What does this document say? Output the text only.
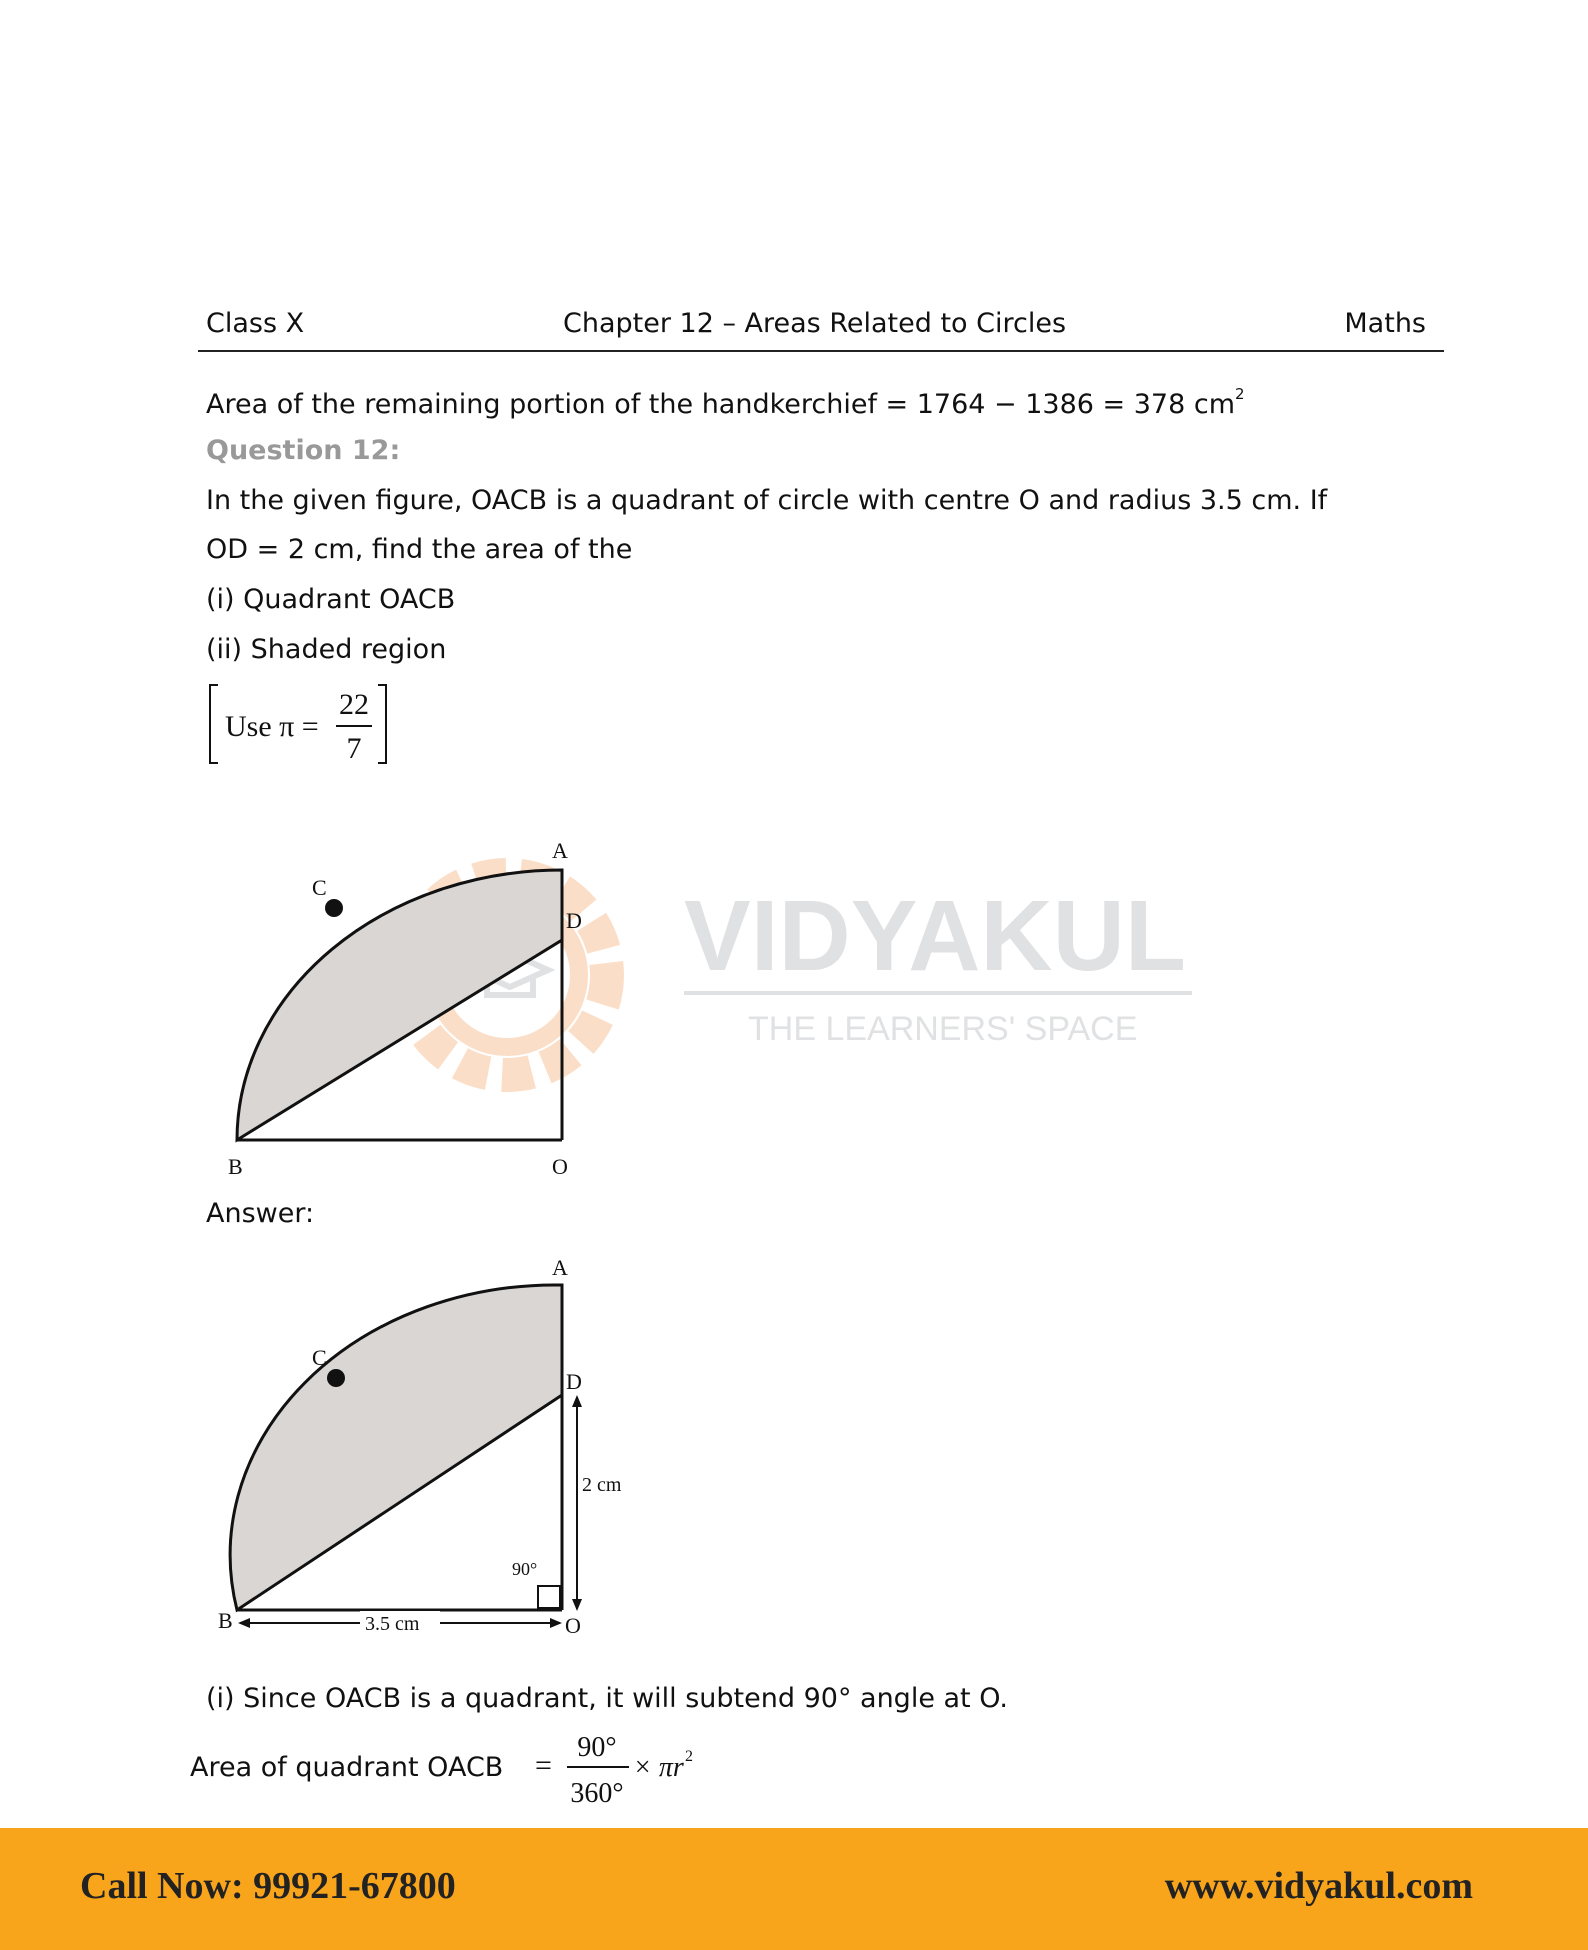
Class X	Chapter 12 – Areas Related to Circles	Maths
Area of the remaining portion of the handkerchief = 1764 − 1386 = 378 $cm^2$
Question 12:
In the given figure, OACB is a quadrant of circle with centre O and radius 3.5 cm. If
OD = 2 cm, find the area of the
(i) Quadrant OACB
(ii) Shaded region
Use π =
22
7
VIDYAKUL
THE LEARNERS' SPACE
A
C
D
B	O
Answer:
A
C
D
2 cm
90°
B	O
3.5 cm
(i) Since OACB is a quadrant, it will subtend 90° angle at O.
Area of quadrant OACB =
90°
360°
× πr 2
Call Now: 99921-67800	www.vidyakul.com
